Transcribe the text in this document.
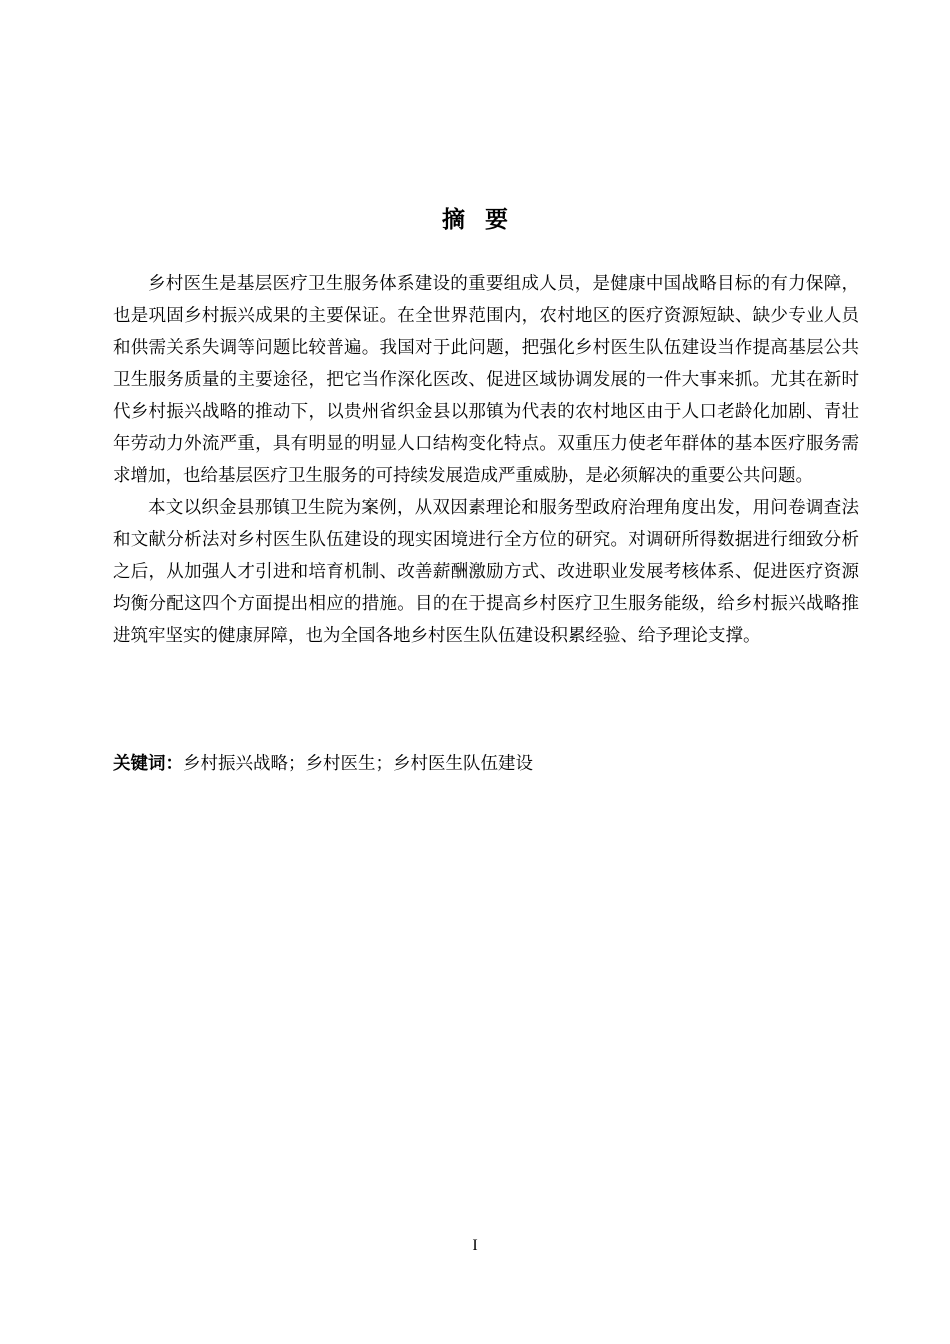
摘要

乡村医生是基层医疗卫生服务体系建设的重要组成人员，是健康中国战略目标的有力保障，也是巩固乡村振兴成果的主要保证。在全世界范围内，农村地区的医疗资源短缺、缺少专业人员和供需关系失调等问题比较普遍。我国对于此问题，把强化乡村医生队伍建设当作提高基层公共卫生服务质量的主要途径，把它当作深化医改、促进区域协调发展的一件大事来抓。尤其在新时代乡村振兴战略的推动下，以贵州省织金县以那镇为代表的农村地区由于人口老龄化加剧、青壮年劳动力外流严重，具有明显的明显人口结构变化特点。双重压力使老年群体的基本医疗服务需求增加，也给基层医疗卫生服务的可持续发展造成严重威胁，是必须解决的重要公共问题。

本文以织金县那镇卫生院为案例，从双因素理论和服务型政府治理角度出发，用问卷调查法和文献分析法对乡村医生队伍建设的现实困境进行全方位的研究。对调研所得数据进行细致分析之后，从加强人才引进和培育机制、改善薪酬激励方式、改进职业发展考核体系、促进医疗资源均衡分配这四个方面提出相应的措施。目的在于提高乡村医疗卫生服务能级，给乡村振兴战略推进筑牢坚实的健康屏障，也为全国各地乡村医生队伍建设积累经验、给予理论支撑。

关键词：乡村振兴战略；乡村医生；乡村医生队伍建设
I
